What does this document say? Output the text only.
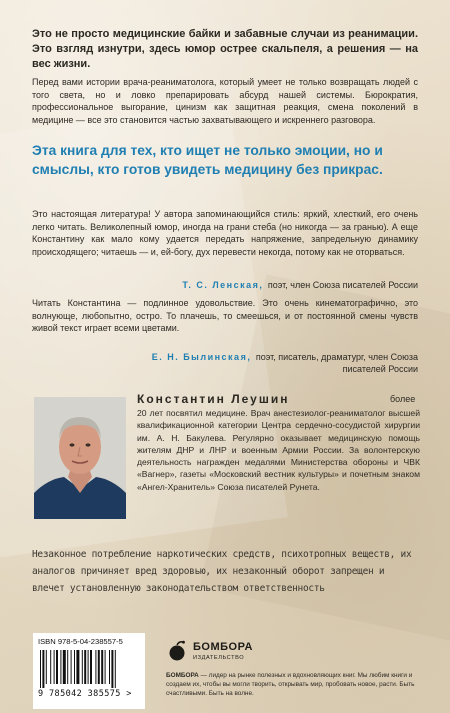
Это не просто медицинские байки и забавные случаи из реанимации. Это взгляд изнутри, здесь юмор острее скальпеля, а решения — на вес жизни.
Перед вами истории врача-реаниматолога, который умеет не только возвращать людей с того света, но и ловко препарировать абсурд нашей системы. Бюрократия, профессиональное выгорание, цинизм как защитная реакция, смена поколений в медицине — все это становится частью захватывающего и искреннего разговора.
Эта книга для тех, кто ищет не только эмоции, но и смыслы, кто готов увидеть медицину без прикрас.
Это настоящая литература! У автора запоминающийся стиль: яркий, хлесткий, его очень легко читать. Великолепный юмор, иногда на грани стеба (но никогда — за гранью). А еще Константину как мало кому удается передать напряжение, запредельную динамику происходящего; читаешь — и, ей-богу, дух перевести некогда, потому как не оторваться.
Т. С. Ленская, поэт, член Союза писателей России
Читать Константина — подлинное удовольствие. Это очень кинематографично, это волнующе, любопытно, остро. То плачешь, то смеешься, и от постоянной смены чувств живой текст играет всеми цветами.
Е. Н. Былинская, поэт, писатель, драматург, член Союза писателей России
Константин Леушин	более
20 лет посвятил медицине. Врач анестезиолог-реаниматолог высшей квалификационной категории Центра сердечно-сосудистой хирургии им. А. Н. Бакулева. Регулярно оказывает медицинскую помощь жителям ДНР и ЛНР и военным Армии России. За волонтерскую деятельность награжден медалями Министерства обороны и ЧВК «Вагнер», газеты «Московский вестник культуры» и почетным знаком «Ангел-Хранитель» Союза писателей Рунета.
Незаконное потребление наркотических средств, психотропных веществ, их аналогов причиняет вред здоровью, их незаконный оборот запрещен и влечет установленную законодательством ответственность
ISBN 978-5-04-238557-5
9 785042 385575 >
БОМБОРА
ИЗДАТЕЛЬСТВО
БОМБОРА — лидер на рынке полезных и вдохновляющих книг. Мы любим книги и создаем их, чтобы вы могли творить, открывать мир, пробовать новое, расти. Быть счастливыми. Быть на волне.
